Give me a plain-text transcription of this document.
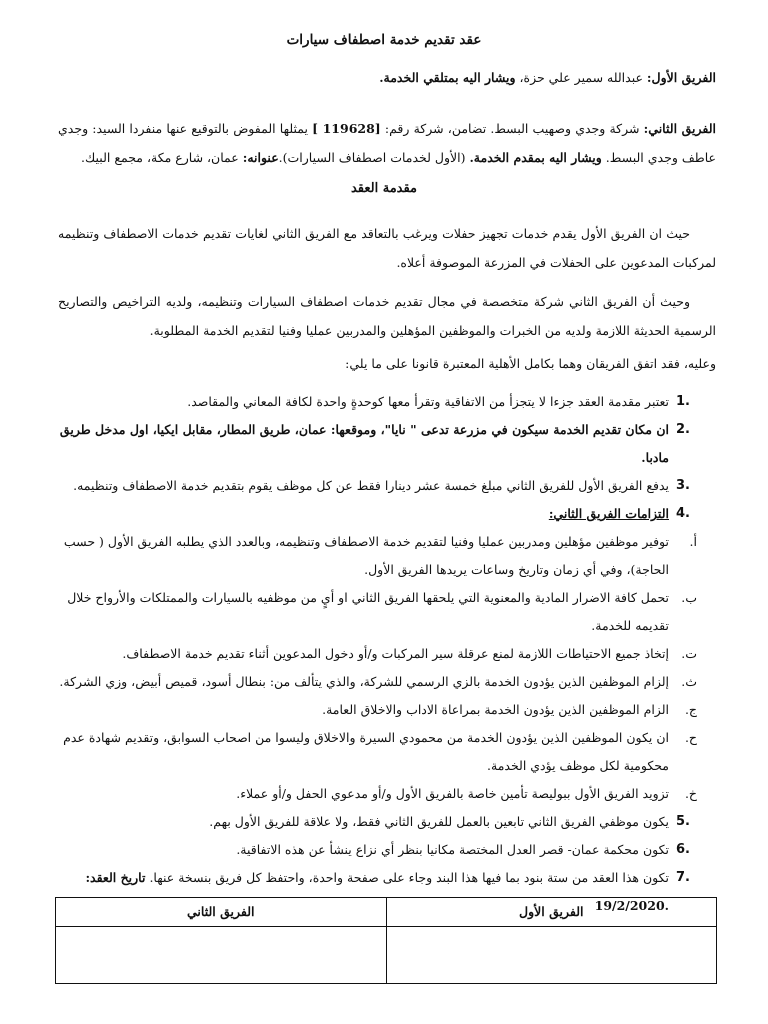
عقد تقديم خدمة اصطفاف سيارات
الفريق الأول: عبدالله سمير علي حزة، ويشار اليه بمتلقي الخدمة.
الفريق الثاني: شركة وجدي وصهيب البسط. تضامن، شركة رقم: [ 119628] يمثلها المفوض بالتوقيع عنها منفردا السيد: وجدي عاطف وجدي البسط. ويشار اليه بمقدم الخدمة. (الأول لخدمات اصطفاف السيارات).عنوانه: عمان، شارع مكة، مجمع البيك.
مقدمة العقد
حيث ان الفريق الأول يقدم خدمات تجهيز حفلات ويرغب بالتعاقد مع الفريق الثاني لغايات تقديم خدمات الاصطفاف وتنظيمه لمركبات المدعوين على الحفلات في المزرعة الموصوفة أعلاه.
وحيث أن الفريق الثاني شركة متخصصة في مجال تقديم خدمات اصطفاف السيارات وتنظيمه، ولديه التراخيص والتصاريح الرسمية الحديثة اللازمة ولديه من الخبرات والموظفين المؤهلين والمدربين عمليا وفنيا لتقديم الخدمة المطلوبة.
وعليه، فقد اتفق الفريقان وهما بكامل الأهلية المعتبرة قانونا على ما يلي:
1.
تعتبر مقدمة العقد جزءا لا يتجزأ من الاتفاقية وتقرأ معها كوحدةٍ واحدة لكافة المعاني والمقاصد.
2.
ان مكان تقديم الخدمة سيكون في مزرعة تدعى " نايا"، وموقعها: عمان، طريق المطار، مقابل ايكيا، اول مدخل طريق مادبا.
3.
يدفع الفريق الأول للفريق الثاني مبلغ خمسة عشر دينارا فقط عن كل موظف يقوم بتقديم خدمة الاصطفاف وتنظيمه.
4.
التزامات الفريق الثاني:
أ.
توفير موظفين مؤهلين ومدربين عمليا وفنيا لتقديم خدمة الاصطفاف وتنظيمه، وبالعدد الذي يطلبه الفريق الأول ( حسب الحاجة)، وفي أي زمان وتاريخ وساعات يريدها الفريق الأول.
ب.
تحمل كافة الاضرار المادية والمعنوية التي يلحقها الفريق الثاني او أيٍ من موظفيه بالسيارات والممتلكات والأرواح خلال تقديمه للخدمة.
ت.
إتخاذ جميع الاحتياطات اللازمة لمنع عرقلة سير المركبات و/أو دخول المدعوين أثناء تقديم خدمة الاصطفاف.
ث.
إلزام الموظفين الذين يؤدون الخدمة بالزي الرسمي للشركة، والذي يتألف من: بنطال أسود، قميص أبيض، وزي الشركة.
ج.
الزام الموظفين الذين يؤدون الخدمة بمراعاة الاداب والاخلاق العامة.
ح.
ان يكون الموظفين الذين يؤدون الخدمة من محمودي السيرة والاخلاق وليسوا من اصحاب السوابق، وتقديم شهادة عدم محكومية لكل موظف يؤدي الخدمة.
خ.
تزويد الفريق الأول ببوليصة تأمين خاصة بالفريق الأول و/أو مدعوي الحفل و/أو عملاء.
5.
يكون موظفي الفريق الثاني تابعين بالعمل للفريق الثاني فقط، ولا علاقة للفريق الأول بهم.
6.
تكون محكمة عمان- قصر العدل المختصة مكانيا بنظر أي نزاع ينشأ عن هذه الاتفاقية.
7.
تكون هذا العقد من ستة بنود بما فيها هذا البند وجاء على صفحة واحدة، واحتفظ كل فريق بنسخة عنها. تاريخ العقد: 19/2/2020.
الفريق الأول	الفريق الثاني
